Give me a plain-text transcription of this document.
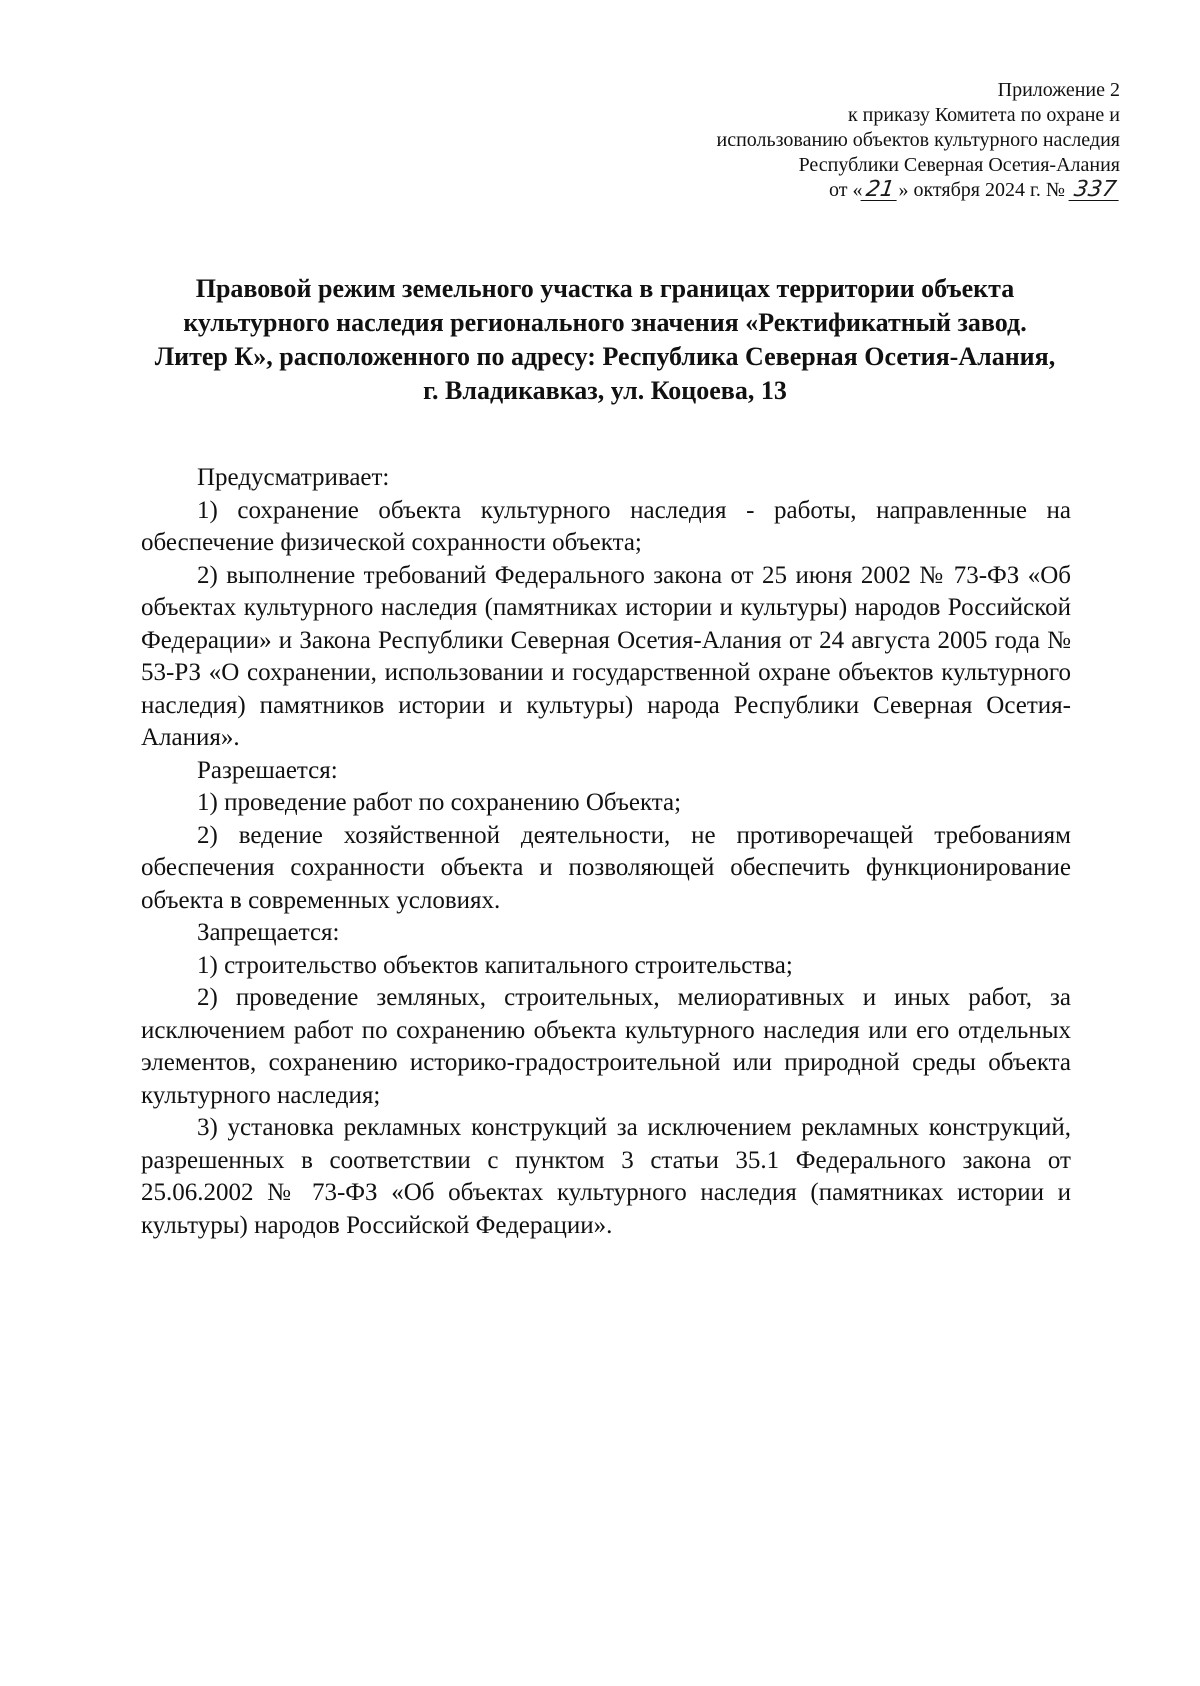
Приложение 2
к приказу Комитета по охране и
использованию объектов культурного наследия
Республики Северная Осетия-Алания
от « 21 » октября 2024 г. № 337
Правовой режим земельного участка в границах территории объекта
культурного наследия регионального значения «Ректификатный завод.
Литер К», расположенного по адресу: Республика Северная Осетия-Алания,
г. Владикавказ, ул. Коцоева, 13

Предусматривает:

1) сохранение объекта культурного наследия - работы, направленные на обеспечение физической сохранности объекта;

2) выполнение требований Федерального закона от 25 июня 2002 № 73-ФЗ «Об объектах культурного наследия (памятниках истории и культуры) народов Российской Федерации» и Закона Республики Северная Осетия-Алания от 24 августа 2005 года № 53-РЗ «О сохранении, использовании и государственной охране объектов культурного наследия) памятников истории и культуры) народа Республики Северная Осетия-Алания».

Разрешается:

1) проведение работ по сохранению Объекта;

2) ведение хозяйственной деятельности, не противоречащей требованиям обеспечения сохранности объекта и позволяющей обеспечить функционирование объекта в современных условиях.

Запрещается:

1) строительство объектов капитального строительства;

2) проведение земляных, строительных, мелиоративных и иных работ, за исключением работ по сохранению объекта культурного наследия или его отдельных элементов, сохранению историко-градостроительной или природной среды объекта культурного наследия;

3) установка рекламных конструкций за исключением рекламных конструкций, разрешенных в соответствии с пунктом 3 статьи 35.1 Федерального закона от 25.06.2002 № 73-ФЗ «Об объектах культурного наследия (памятниках истории и культуры) народов Российской Федерации».
